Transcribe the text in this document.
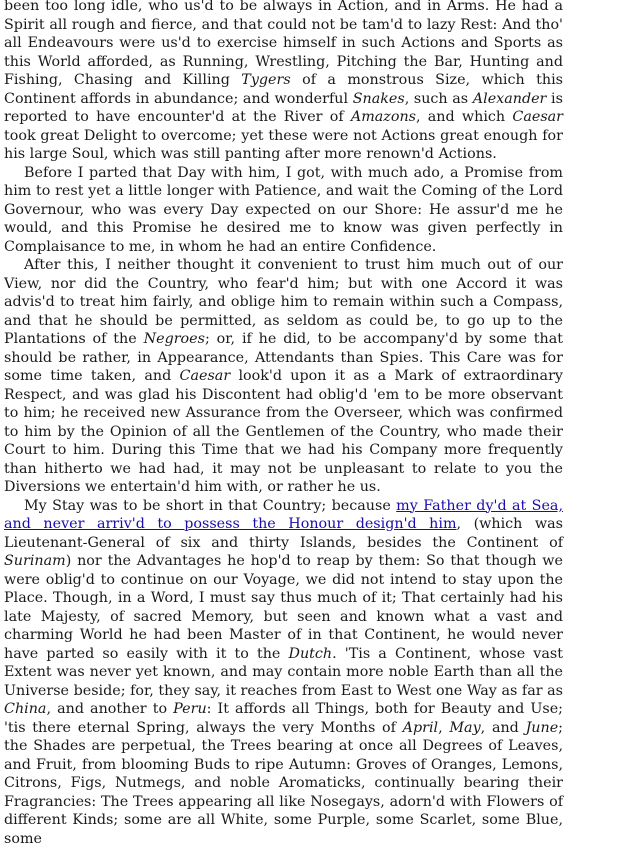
been too long idle, who us'd to be always in Action, and in Arms. He had a Spirit all rough and fierce, and that could not be tam'd to lazy Rest: And tho' all Endeavours were us'd to exercise himself in such Actions and Sports as this World afforded, as Running, Wrestling, Pitching the Bar, Hunting and Fishing, Chasing and Killing Tygers of a monstrous Size, which this Continent affords in abundance; and wonderful Snakes, such as Alexander is reported to have encounter'd at the River of Amazons, and which Caesar took great Delight to overcome; yet these were not Actions great enough for his large Soul, which was still panting after more renown'd Actions.

Before I parted that Day with him, I got, with much ado, a Promise from him to rest yet a little longer with Patience, and wait the Coming of the Lord Governour, who was every Day expected on our Shore: He assur'd me he would, and this Promise he desired me to know was given perfectly in Complaisance to me, in whom he had an entire Confidence.

After this, I neither thought it convenient to trust him much out of our View, nor did the Country, who fear'd him; but with one Accord it was advis'd to treat him fairly, and oblige him to remain within such a Compass, and that he should be permitted, as seldom as could be, to go up to the Plantations of the Negroes; or, if he did, to be accompany'd by some that should be rather, in Appearance, Attendants than Spies. This Care was for some time taken, and Caesar look'd upon it as a Mark of extraordinary Respect, and was glad his Discontent had oblig'd 'em to be more observant to him; he received new Assurance from the Overseer, which was confirmed to him by the Opinion of all the Gentlemen of the Country, who made their Court to him. During this Time that we had his Company more frequently than hitherto we had had, it may not be unpleasant to relate to you the Diversions we entertain'd him with, or rather he us.

My Stay was to be short in that Country; because my Father dy'd at Sea, and never arriv'd to possess the Honour design'd him, (which was Lieutenant-General of six and thirty Islands, besides the Continent of Surinam) nor the Advantages he hop'd to reap by them: So that though we were oblig'd to continue on our Voyage, we did not intend to stay upon the Place. Though, in a Word, I must say thus much of it; That certainly had his late Majesty, of sacred Memory, but seen and known what a vast and charming World he had been Master of in that Continent, he would never have parted so easily with it to the Dutch. 'Tis a Continent, whose vast Extent was never yet known, and may contain more noble Earth than all the Universe beside; for, they say, it reaches from East to West one Way as far as China, and another to Peru: It affords all Things, both for Beauty and Use; 'tis there eternal Spring, always the very Months of April, May, and June; the Shades are perpetual, the Trees bearing at once all Degrees of Leaves, and Fruit, from blooming Buds to ripe Autumn: Groves of Oranges, Lemons, Citrons, Figs, Nutmegs, and noble Aromaticks, continually bearing their Fragrancies: The Trees appearing all like Nosegays, adorn'd with Flowers of different Kinds; some are all White, some Purple, some Scarlet, some Blue, some
